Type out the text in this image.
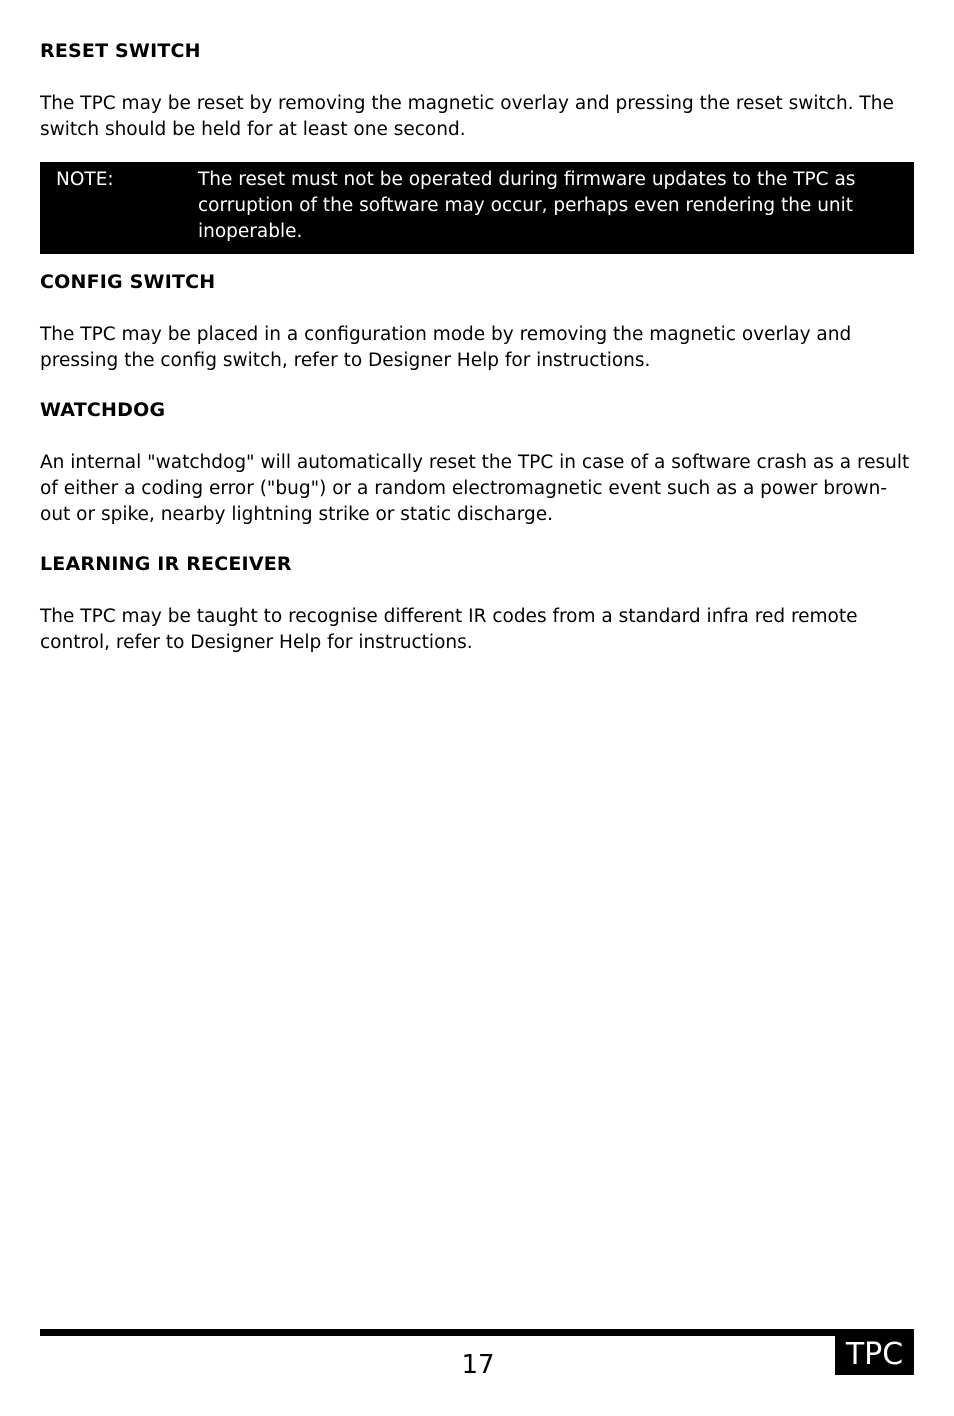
RESET SWITCH

The TPC may be reset by removing the magnetic overlay and pressing the reset switch. The switch should be held for at least one second.

NOTE:	The reset must not be operated during firmware updates to the TPC as corruption of the software may occur, perhaps even rendering the unit inoperable.
CONFIG SWITCH

The TPC may be placed in a configuration mode by removing the magnetic overlay and pressing the config switch, refer to Designer Help for instructions.

WATCHDOG

An internal "watchdog" will automatically reset the TPC in case of a software crash as a result of either a coding error ("bug") or a random electromagnetic event such as a power brown-out or spike, nearby lightning strike or static discharge.

LEARNING IR RECEIVER

The TPC may be taught to recognise different IR codes from a standard infra red remote control, refer to Designer Help for instructions.

17	TPC
